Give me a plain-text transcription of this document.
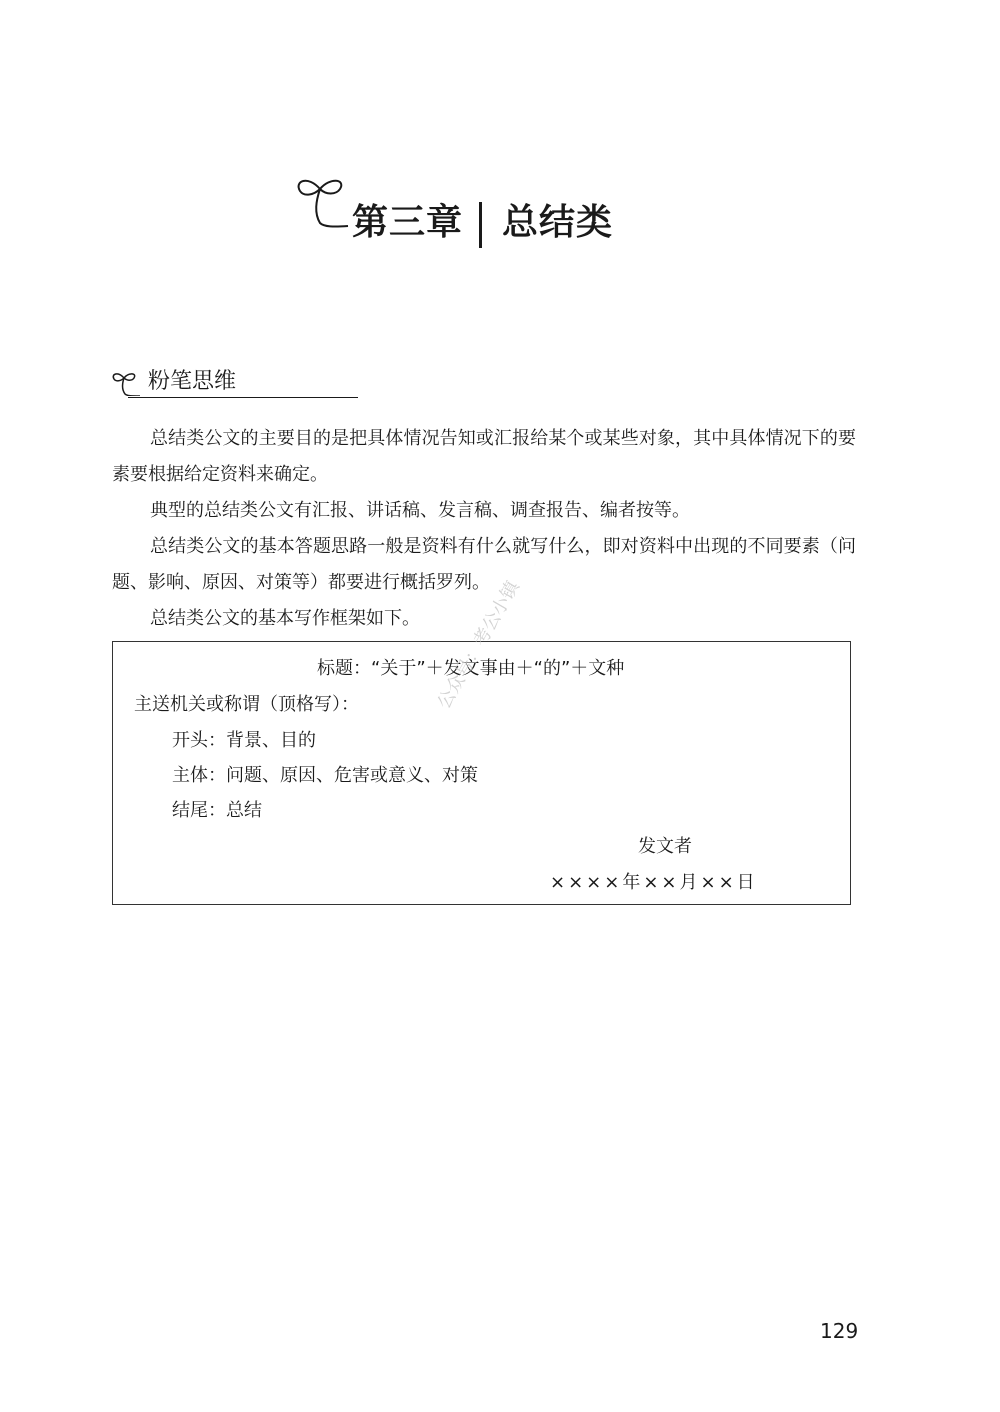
第三章 总结类
粉笔思维

总结类公文的主要目的是把具体情况告知或汇报给某个或某些对象，其中具体情况下的要素要根据给定资料来确定。

典型的总结类公文有汇报、讲话稿、发言稿、调查报告、编者按等。

总结类公文的基本答题思路一般是资料有什么就写什么，即对资料中出现的不同要素（问题、影响、原因、对策等）都要进行概括罗列。

总结类公文的基本写作框架如下。

标题：“关于”＋发文事由＋“的”＋文种
主送机关或称谓（顶格写）：
开头：背景、目的
主体：问题、原因、危害或意义、对策
结尾：总结
发文者
××××年××月××日
公众号：考公小镇
129
